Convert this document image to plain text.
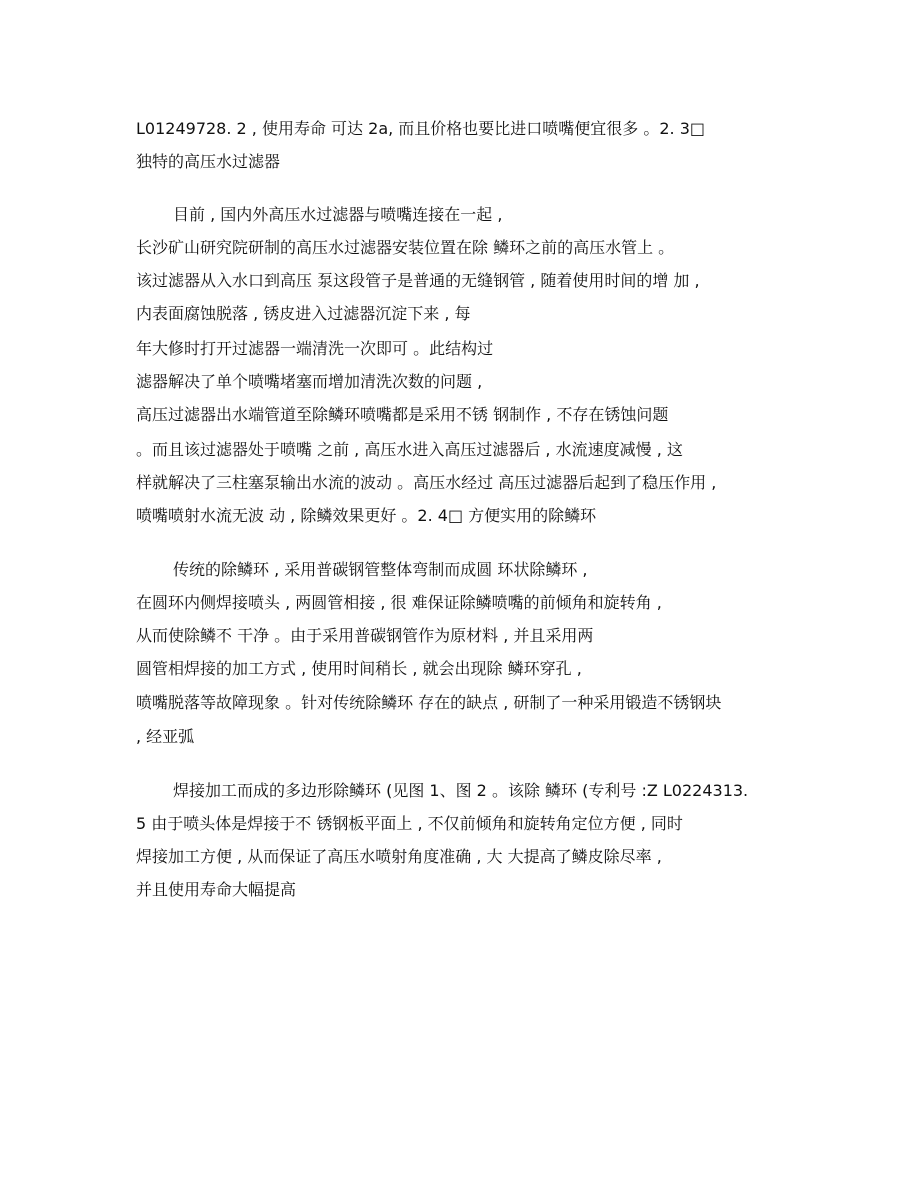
L01249728. 2 , 使用寿命 可达 2a, 而且价格也要比进口喷嘴便宜很多 。2. 3□
独特的高压水过滤器
目前 , 国内外高压水过滤器与喷嘴连接在一起 ,
长沙矿山研究院研制的高压水过滤器安装位置在除 鳞环之前的高压水管上 。
该过滤器从入水口到高压 泵这段管子是普通的无缝钢管 , 随着使用时间的增 加 ,
内表面腐蚀脱落 , 锈皮进入过滤器沉淀下来 , 每
年大修时打开过滤器一端清洗一次即可 。此结构过
滤器解决了单个喷嘴堵塞而增加清洗次数的问题 ,
高压过滤器出水端管道至除鳞环喷嘴都是采用不锈 钢制作 , 不存在锈蚀问题
。而且该过滤器处于喷嘴 之前 , 高压水进入高压过滤器后 , 水流速度减慢 , 这
样就解决了三柱塞泵输出水流的波动 。高压水经过 高压过滤器后起到了稳压作用 ,
喷嘴喷射水流无波 动 , 除鳞效果更好 。2. 4□ 方便实用的除鳞环
传统的除鳞环 , 采用普碳钢管整体弯制而成圆 环状除鳞环 ,
在圆环内侧焊接喷头 , 两圆管相接 , 很 难保证除鳞喷嘴的前倾角和旋转角 ,
从而使除鳞不 干净 。由于采用普碳钢管作为原材料 , 并且采用两
圆管相焊接的加工方式 , 使用时间稍长 , 就会出现除 鳞环穿孔 ,
喷嘴脱落等故障现象 。针对传统除鳞环 存在的缺点 , 研制了一种采用锻造不锈钢块
, 经亚弧
焊接加工而成的多边形除鳞环 (见图 1、图 2 。该除 鳞环 (专利号 :Z L0224313.
5 由于喷头体是焊接于不 锈钢板平面上 , 不仅前倾角和旋转角定位方便 , 同时
焊接加工方便 , 从而保证了高压水喷射角度准确 , 大 大提高了鳞皮除尽率 ,
并且使用寿命大幅提高
